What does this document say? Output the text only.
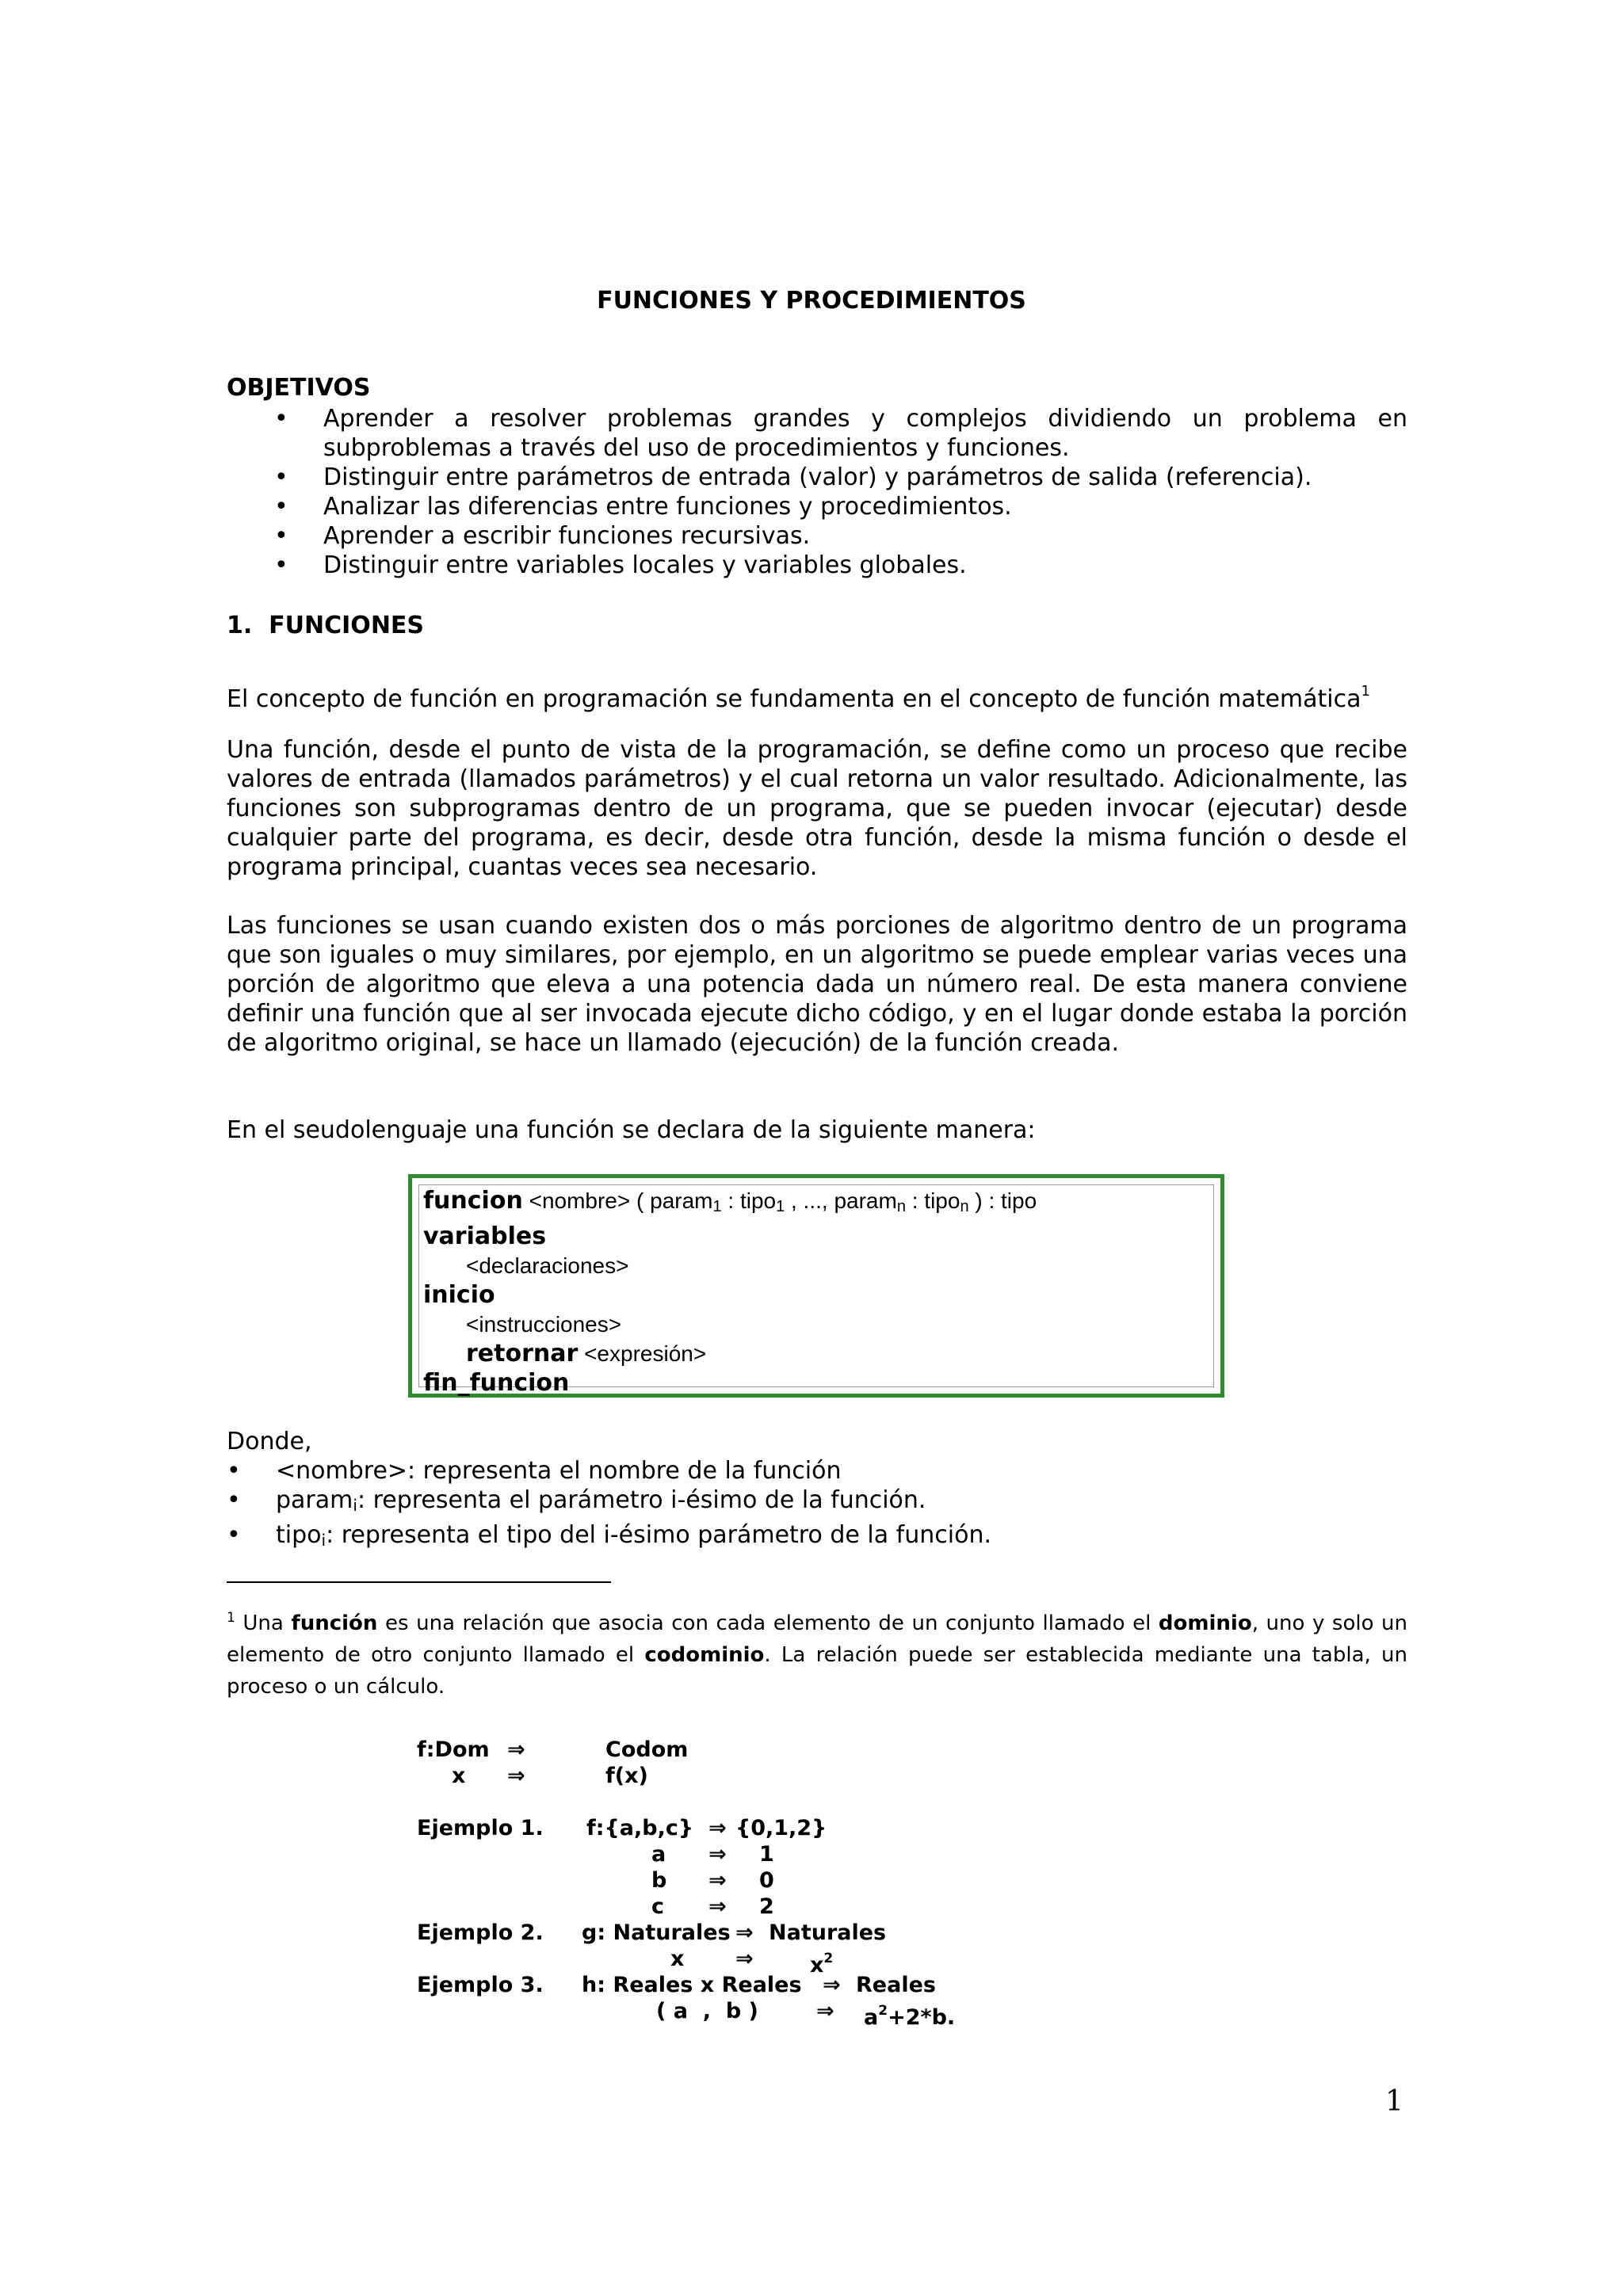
FUNCIONES Y PROCEDIMIENTOS
OBJETIVOS
• Aprender a resolver problemas grandes y complejos dividiendo un problema en subproblemas a través del uso de procedimientos y funciones.
• Distinguir entre parámetros de entrada (valor) y parámetros de salida (referencia).
• Analizar las diferencias entre funciones y procedimientos.
• Aprender a escribir funciones recursivas.
• Distinguir entre variables locales y variables globales.
1. FUNCIONES

El concepto de función en programación se fundamenta en el concepto de función matemática$^1$

Una función, desde el punto de vista de la programación, se define como un proceso que recibe valores de entrada (llamados parámetros) y el cual retorna un valor resultado. Adicionalmente, las funciones son subprogramas dentro de un programa, que se pueden invocar (ejecutar) desde cualquier parte del programa, es decir, desde otra función, desde la misma función o desde el programa principal, cuantas veces sea necesario.

Las funciones se usan cuando existen dos o más porciones de algoritmo dentro de un programa que son iguales o muy similares, por ejemplo, en un algoritmo se puede emplear varias veces una porción de algoritmo que eleva a una potencia dada un número real. De esta manera conviene definir una función que al ser invocada ejecute dicho código, y en el lugar donde estaba la porción de algoritmo original, se hace un llamado (ejecución) de la función creada.

En el seudolenguaje una función se declara de la siguiente manera:

funcion <nombre> ( param$_1$ : tipo$_1$ , ..., param$_n$ : tipo$_n$ ) : tipo
variables
<declaraciones>
inicio
<instrucciones>
retornar <expresión>
fin_funcion
Donde,
• <nombre>: representa el nombre de la función
• param$_i$: representa el parámetro i-ésimo de la función.
• tipo$_i$: representa el tipo del i-ésimo parámetro de la función.
$^1$ Una función es una relación que asocia con cada elemento de un conjunto llamado el dominio, uno y solo un elemento de otro conjunto llamado el codominio. La relación puede ser establecida mediante una tabla, un proceso o un cálculo.
f:Dom ⇒	Codom
x ⇒	f(x)
Ejemplo 1. f:{a,b,c} ⇒ {0,1,2}
a ⇒ 1
b ⇒ 0
c ⇒ 2
Ejemplo 2. g: Naturales ⇒ Naturales
x ⇒	$x^2$
Ejemplo 3. h: Reales x Reales ⇒ Reales
( a  ,  b )	⇒ $a^2+2*b$.
1
